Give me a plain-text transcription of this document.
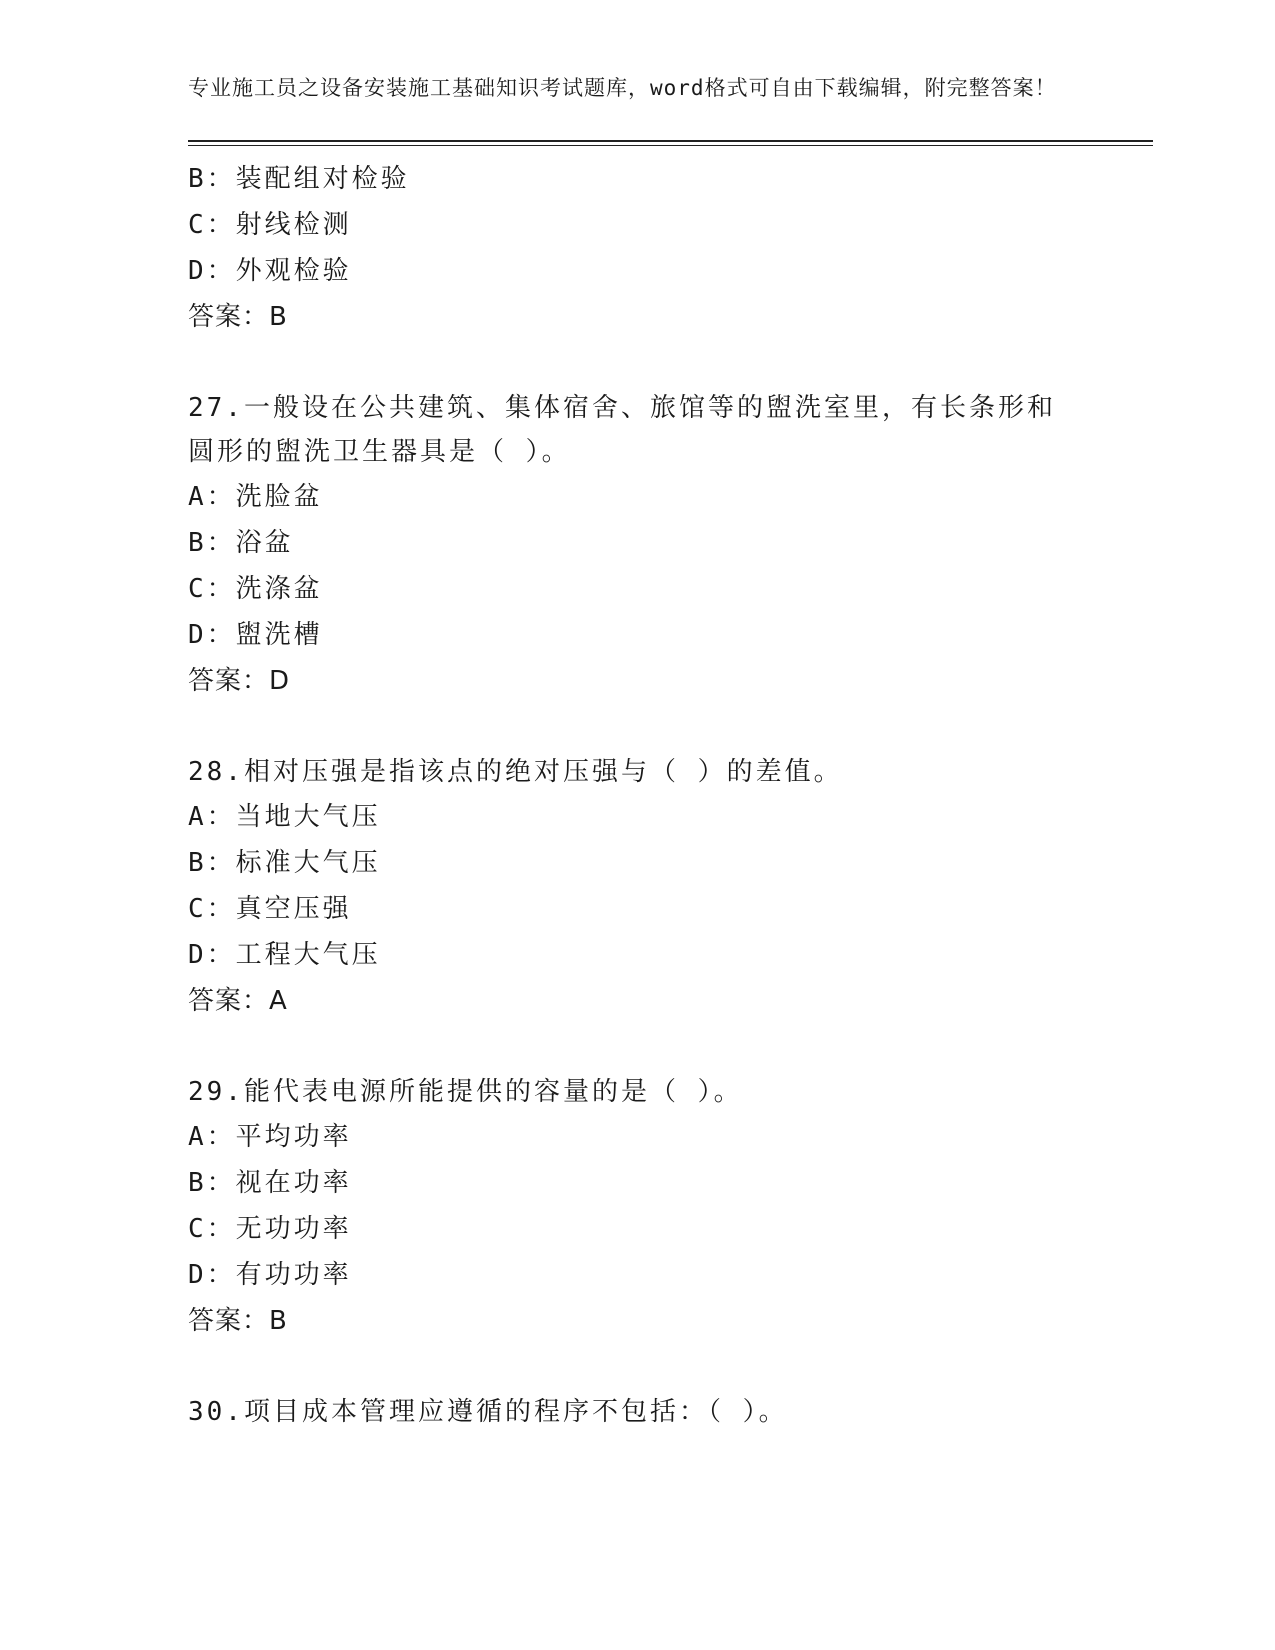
专业施工员之设备安装施工基础知识考试题库，word格式可自由下载编辑，附完整答案！
B：装配组对检验
C：射线检测
D：外观检验
答案：B
27.一般设在公共建筑、集体宿舍、旅馆等的盥洗室里，有长条形和圆形的盥洗卫生器具是（ ）。
A：洗脸盆
B：浴盆
C：洗涤盆
D：盥洗槽
答案：D
28.相对压强是指该点的绝对压强与（ ）的差值。
A：当地大气压
B：标准大气压
C：真空压强
D：工程大气压
答案：A
29.能代表电源所能提供的容量的是（ ）。
A：平均功率
B：视在功率
C：无功功率
D：有功功率
答案：B
30.项目成本管理应遵循的程序不包括：（ ）。
